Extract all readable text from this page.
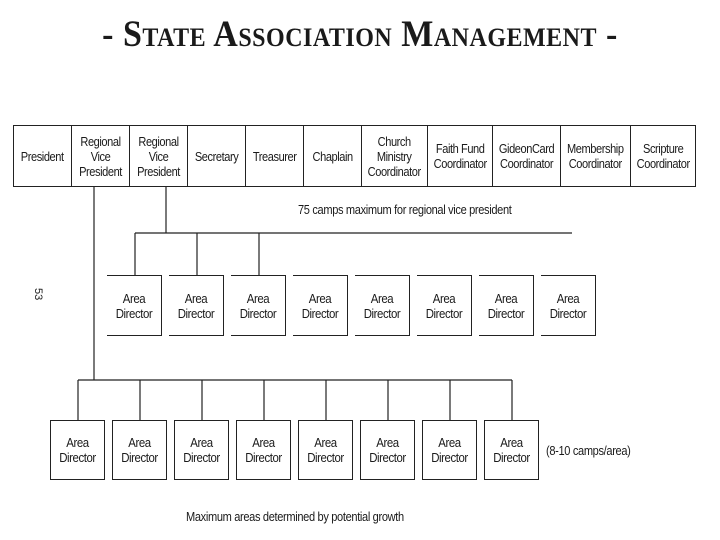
- State Association Management -
President
Regional Vice President
Regional Vice President
Secretary Treasurer Chaplain
Church Ministry Coordinator
Faith Fund Coordinator
GideonCard Coordinator
Membership Coordinator
Scripture Coordinator
75 camps maximum for regional vice president
53	Area Director
Area Director
Area Director
Area Director
Area Director
Area Director
Area Director
Area Director
Area Director
Area Director
Area Director
Area Director
Area Director
Area Director
Area Director
Area Director	(8-10 camps/area)
Maximum areas determined by potential growth
